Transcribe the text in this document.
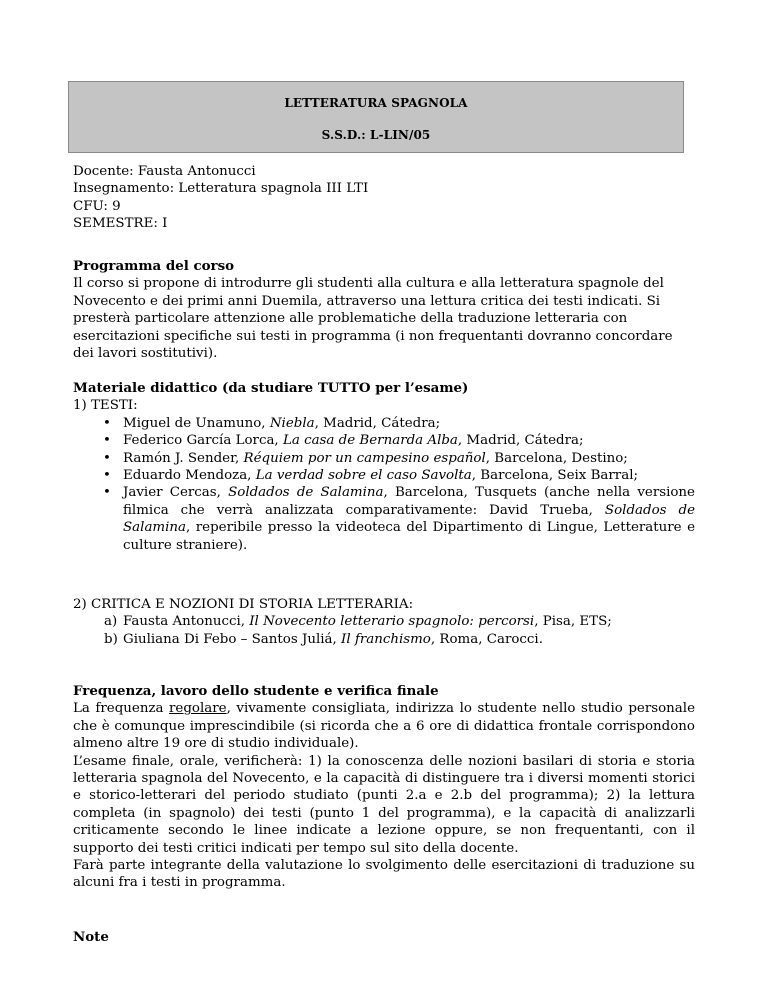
LETTERATURA SPAGNOLA
S.S.D.: L-LIN/05
Docente: Fausta Antonucci
Insegnamento: Letteratura spagnola III LTI
CFU: 9
SEMESTRE: I
Programma del corso
Il corso si propone di introdurre gli studenti alla cultura e alla letteratura spagnole del
Novecento e dei primi anni Duemila, attraverso una lettura critica dei testi indicati. Si
presterà particolare attenzione alle problematiche della traduzione letteraria con
esercitazioni specifiche sui testi in programma (i non frequentanti dovranno concordare
dei lavori sostitutivi).
Materiale didattico (da studiare TUTTO per l’esame)
1) TESTI:
• Miguel de Unamuno, Niebla, Madrid, Cátedra;
• Federico García Lorca, La casa de Bernarda Alba, Madrid, Cátedra;
• Ramón J. Sender, Réquiem por un campesino español, Barcelona, Destino;
• Eduardo Mendoza, La verdad sobre el caso Savolta, Barcelona, Seix Barral;
• Javier Cercas, Soldados de Salamina, Barcelona, Tusquets (anche nella versione filmica che verrà analizzata comparativamente: David Trueba, Soldados de Salamina, reperibile presso la videoteca del Dipartimento di Lingue, Letterature e culture straniere).
2) CRITICA E NOZIONI DI STORIA LETTERARIA:
a) Fausta Antonucci, Il Novecento letterario spagnolo: percorsi, Pisa, ETS;
b) Giuliana Di Febo – Santos Juliá, Il franchismo, Roma, Carocci.
Frequenza, lavoro dello studente e verifica finale
La frequenza regolare, vivamente consigliata, indirizza lo studente nello studio personale che è comunque imprescindibile (si ricorda che a 6 ore di didattica frontale corrispondono almeno altre 19 ore di studio individuale).
L’esame finale, orale, verificherà: 1) la conoscenza delle nozioni basilari di storia e storia letteraria spagnola del Novecento, e la capacità di distinguere tra i diversi momenti storici e storico-letterari del periodo studiato (punti 2.a e 2.b del programma); 2) la lettura completa (in spagnolo) dei testi (punto 1 del programma), e la capacità di analizzarli criticamente secondo le linee indicate a lezione oppure, se non frequentanti, con il supporto dei testi critici indicati per tempo sul sito della docente.
Farà parte integrante della valutazione lo svolgimento delle esercitazioni di traduzione su alcuni fra i testi in programma.
Note
